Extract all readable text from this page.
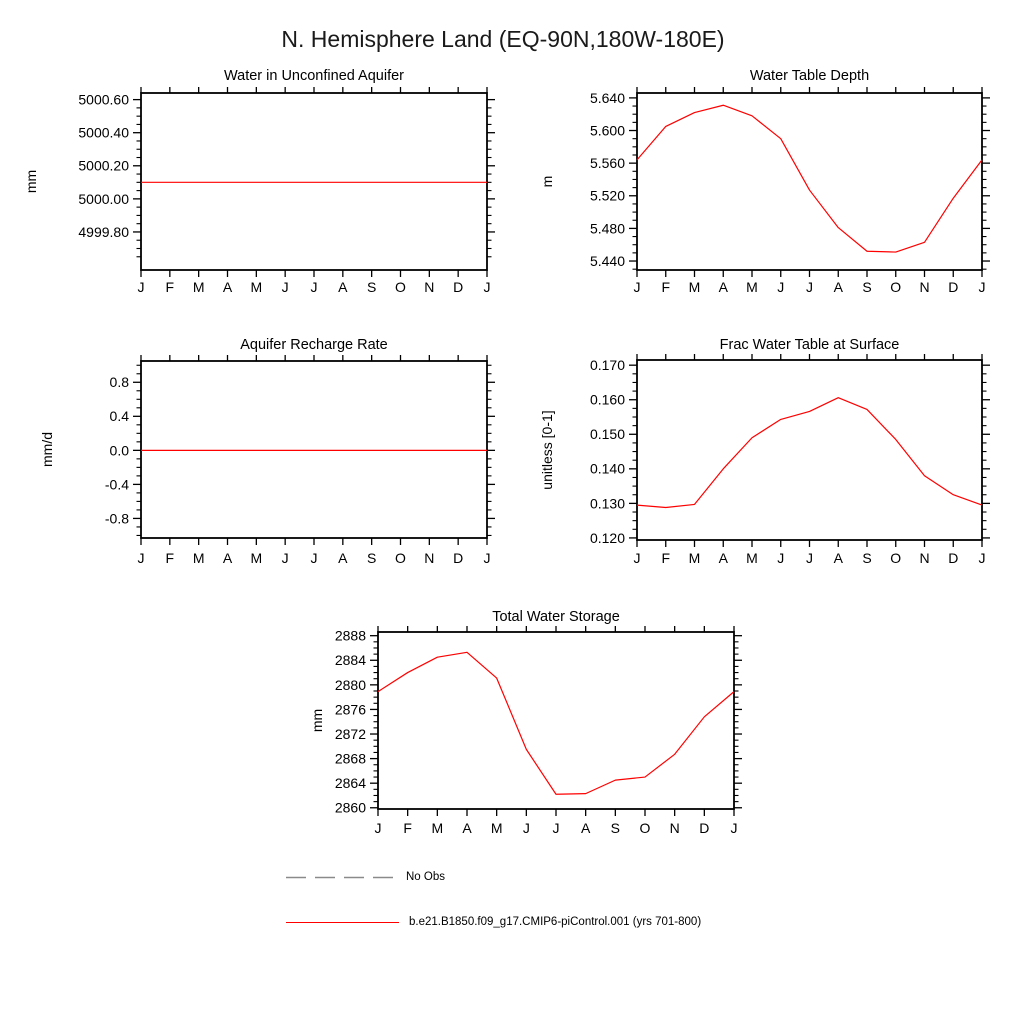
N. Hemisphere Land (EQ-90N,180W-180E)
J F M A M J J A S O N D J
4999.80
5000.00
5000.20
5000.40
5000.60
Water in Unconfined Aquifer
mm
J F M A M J J A S O N D J
5.440
5.480
5.520
5.560
5.600
5.640
Water Table Depth
m
J F M A M J J A S O N D J
-0.8
-0.4
0.0
0.4
0.8
Aquifer Recharge Rate
mm/d
J F M A M J J A S O N D J
0.120
0.130
0.140
0.150
0.160
0.170
Frac Water Table at Surface
unitless [0-1]
J F M A M J J A S O N D J
2860
2864
2868
2872
2876
2880
2884
2888
Total Water Storage
mm
No Obs
b.e21.B1850.f09_g17.CMIP6-piControl.001 (yrs 701-800)
